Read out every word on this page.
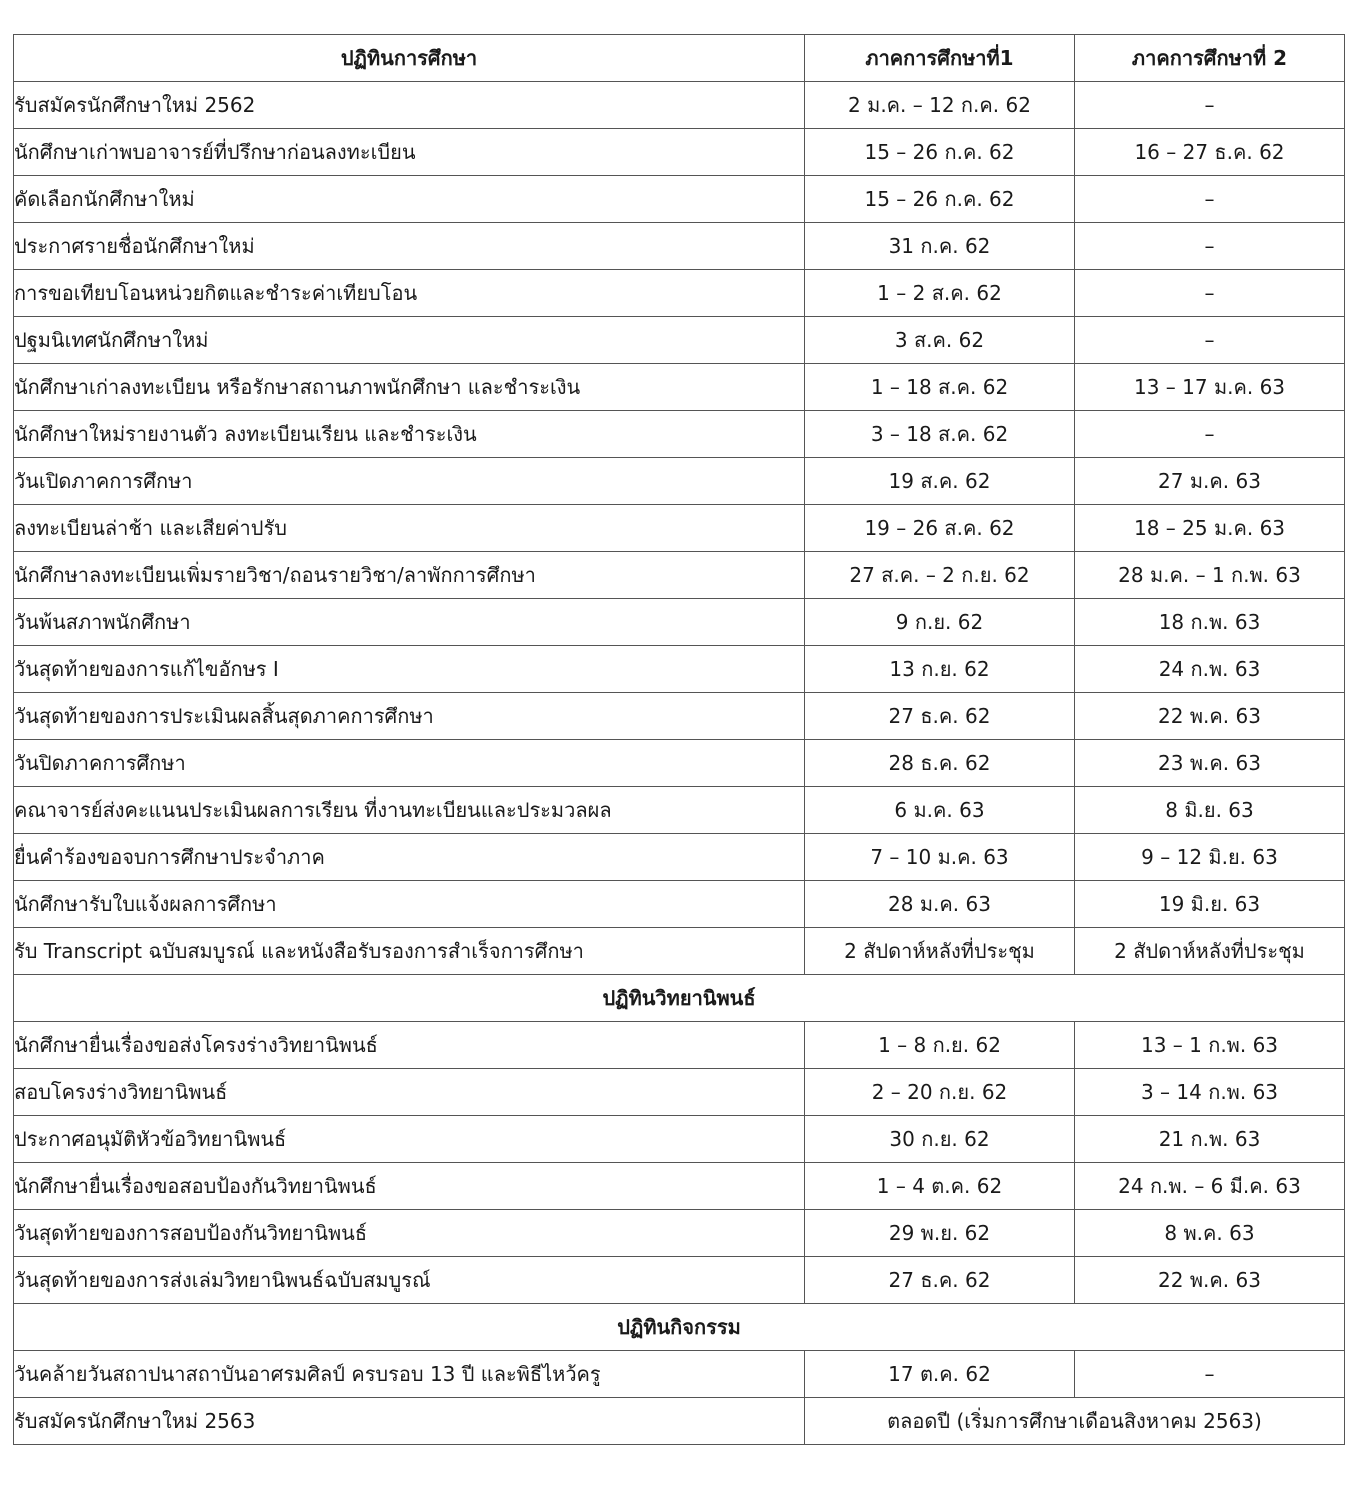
ปฏิทินการศึกษา	ภาคการศึกษาที่1	ภาคการศึกษาที่ 2
รับสมัครนักศึกษาใหม่ 2562	2 ม.ค. – 12 ก.ค. 62	–
นักศึกษาเก่าพบอาจารย์ที่ปรึกษาก่อนลงทะเบียน	15 – 26 ก.ค. 62	16 – 27 ธ.ค. 62
คัดเลือกนักศึกษาใหม่	15 – 26 ก.ค. 62	–
ประกาศรายชื่อนักศึกษาใหม่	31 ก.ค. 62	–
การขอเทียบโอนหน่วยกิตและชำระค่าเทียบโอน	1 – 2 ส.ค. 62	–
ปฐมนิเทศนักศึกษาใหม่	3 ส.ค. 62	–
นักศึกษาเก่าลงทะเบียน หรือรักษาสถานภาพนักศึกษา และชำระเงิน	1 – 18 ส.ค. 62	13 – 17 ม.ค. 63
นักศึกษาใหม่รายงานตัว ลงทะเบียนเรียน และชำระเงิน	3 – 18 ส.ค. 62	–
วันเปิดภาคการศึกษา	19 ส.ค. 62	27 ม.ค. 63
ลงทะเบียนล่าช้า และเสียค่าปรับ	19 – 26 ส.ค. 62	18 – 25 ม.ค. 63
นักศึกษาลงทะเบียนเพิ่มรายวิชา/ถอนรายวิชา/ลาพักการศึกษา	27 ส.ค. – 2 ก.ย. 62	28 ม.ค. – 1 ก.พ. 63
วันพ้นสภาพนักศึกษา	9 ก.ย. 62	18 ก.พ. 63
วันสุดท้ายของการแก้ไขอักษร I	13 ก.ย. 62	24 ก.พ. 63
วันสุดท้ายของการประเมินผลสิ้นสุดภาคการศึกษา	27 ธ.ค. 62	22 พ.ค. 63
วันปิดภาคการศึกษา	28 ธ.ค. 62	23 พ.ค. 63
คณาจารย์ส่งคะแนนประเมินผลการเรียน ที่งานทะเบียนและประมวลผล	6 ม.ค. 63	8 มิ.ย. 63
ยื่นคำร้องขอจบการศึกษาประจำภาค	7 – 10 ม.ค. 63	9 – 12 มิ.ย. 63
นักศึกษารับใบแจ้งผลการศึกษา	28 ม.ค. 63	19 มิ.ย. 63
รับ Transcript ฉบับสมบูรณ์ และหนังสือรับรองการสำเร็จการศึกษา	2 สัปดาห์หลังที่ประชุม	2 สัปดาห์หลังที่ประชุม
ปฏิทินวิทยานิพนธ์		
นักศึกษายื่นเรื่องขอส่งโครงร่างวิทยานิพนธ์	1 – 8 ก.ย. 62	13 – 1 ก.พ. 63
สอบโครงร่างวิทยานิพนธ์	2 – 20 ก.ย. 62	3 – 14 ก.พ. 63
ประกาศอนุมัติหัวข้อวิทยานิพนธ์	30 ก.ย. 62	21 ก.พ. 63
นักศึกษายื่นเรื่องขอสอบป้องกันวิทยานิพนธ์	1 – 4 ต.ค. 62	24 ก.พ. – 6 มี.ค. 63
วันสุดท้ายของการสอบป้องกันวิทยานิพนธ์	29 พ.ย. 62	8 พ.ค. 63
วันสุดท้ายของการส่งเล่มวิทยานิพนธ์ฉบับสมบูรณ์	27 ธ.ค. 62	22 พ.ค. 63
ปฏิทินกิจกรรม		
วันคล้ายวันสถาปนาสถาบันอาศรมศิลป์ ครบรอบ 13 ปี และพิธีไหว้ครู	17 ต.ค. 62	–
รับสมัครนักศึกษาใหม่ 2563	ตลอดปี (เริ่มการศึกษาเดือนสิงหาคม 2563)	
